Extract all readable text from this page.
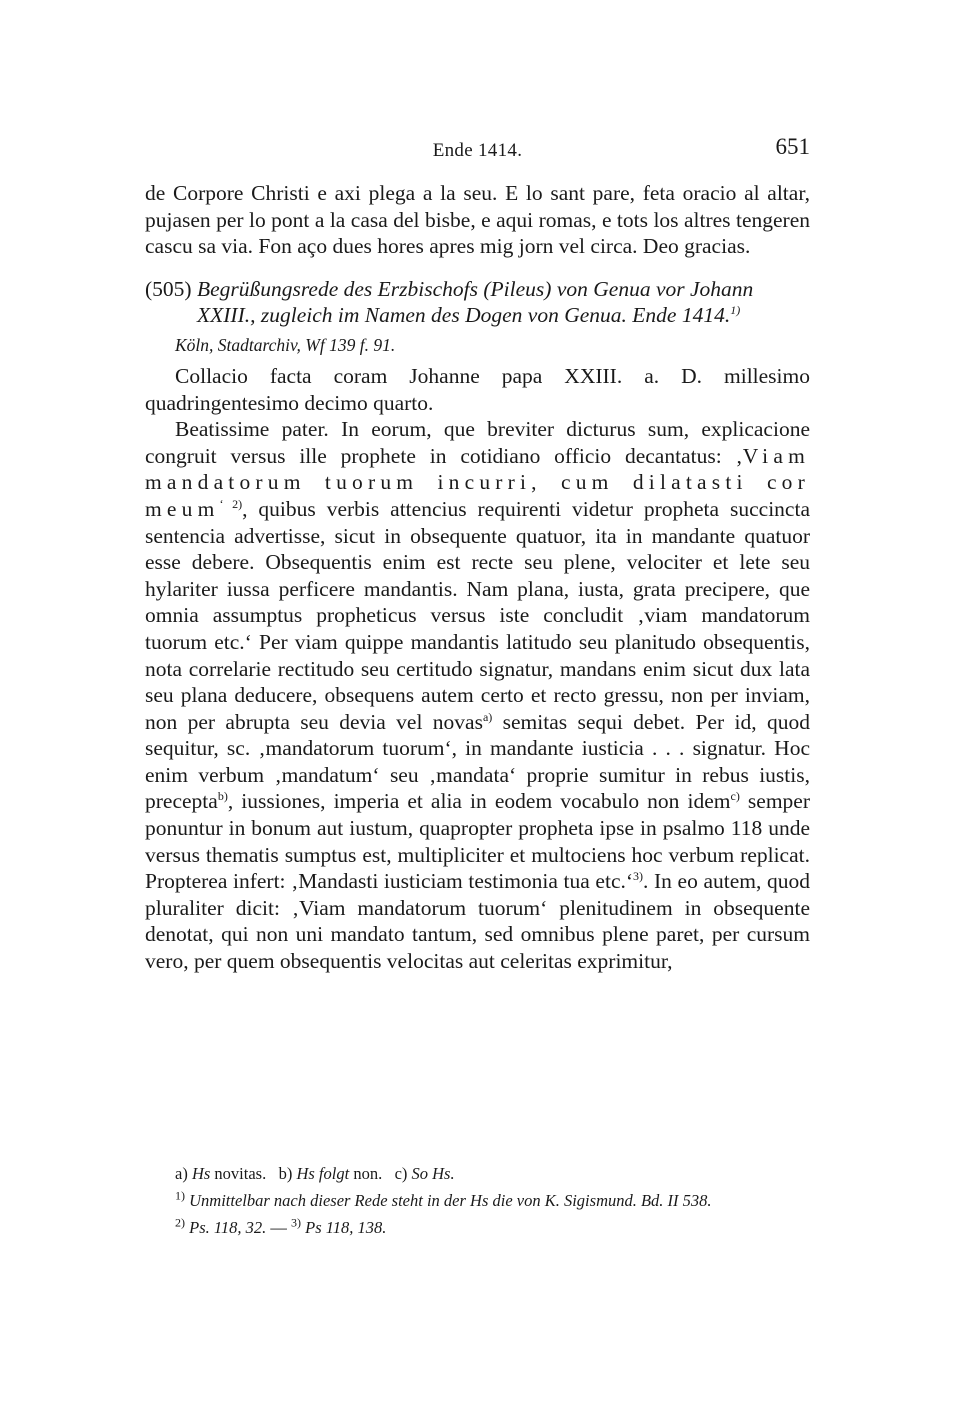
Ende 1414.	651

de Corpore Christi e axi plega a la seu. E lo sant pare, feta oracio al altar, pujasen per lo pont a la casa del bisbe, e aqui romas, e tots los altres tengeren cascu sa via. Fon aço dues hores apres mig jorn vel circa. Deo gracias.

(505) Begrüßungsrede des Erzbischofs (Pileus) von Genua vor Johann XXIII., zugleich im Namen des Dogen von Genua. Ende 1414.$^{1)}$
Köln, Stadtarchiv, Wf 139 f. 91.

Collacio facta coram Johanne papa XXIII. a. D. millesimo quadringentesimo decimo quarto.

Beatissime pater. In eorum, que breviter dicturus sum, explicacione congruit versus ille prophete in cotidiano officio decantatus: ‚Viam mandatorum tuorum incurri, cum dilatasti cor meum$^{‘ 2)}$, quibus verbis attencius requirenti videtur propheta succincta sentencia advertisse, sicut in obsequente quatuor, ita in mandante quatuor esse debere. Obsequentis enim est recte seu plene, velociter et lete seu hylariter iussa perficere mandantis. Nam plana, iusta, grata precipere, que omnia assumptus propheticus versus iste concludit ‚viam mandatorum tuorum etc.‘ Per viam quippe mandantis latitudo seu planitudo obsequentis, nota correlarie rectitudo seu certitudo signatur, mandans enim sicut dux lata seu plana deducere, obsequens autem certo et recto gressu, non per inviam, non per abrupta seu devia vel novas$^{a)}$ semitas sequi debet. Per id, quod sequitur, sc. ‚mandatorum tuorum‘, in mandante iusticia . . . signatur. Hoc enim verbum ‚mandatum‘ seu ‚mandata‘ proprie sumitur in rebus iustis, precepta$^{b)}$, iussiones, imperia et alia in eodem vocabulo non idem$^{c)}$ semper ponuntur in bonum aut iustum, quapropter propheta ipse in psalmo 118 unde versus thematis sumptus est, multipliciter et multociens hoc verbum replicat. Propterea infert: ‚Mandasti iusticiam testimonia tua etc.‘$^{3)}$. In eo autem, quod pluraliter dicit: ‚Viam mandatorum tuorum‘ plenitudinem in obsequente denotat, qui non uni mandato tantum, sed omnibus plene paret, per cursum vero, per quem obsequentis velocitas aut celeritas exprimitur,

a) Hs novitas. b) Hs folgt non. c) So Hs.

$^{1)}$ Unmittelbar nach dieser Rede steht in der Hs die von K. Sigismund. Bd. II 538.

$^{2)}$ Ps. 118, 32. — $^{3)}$ Ps 118, 138.
